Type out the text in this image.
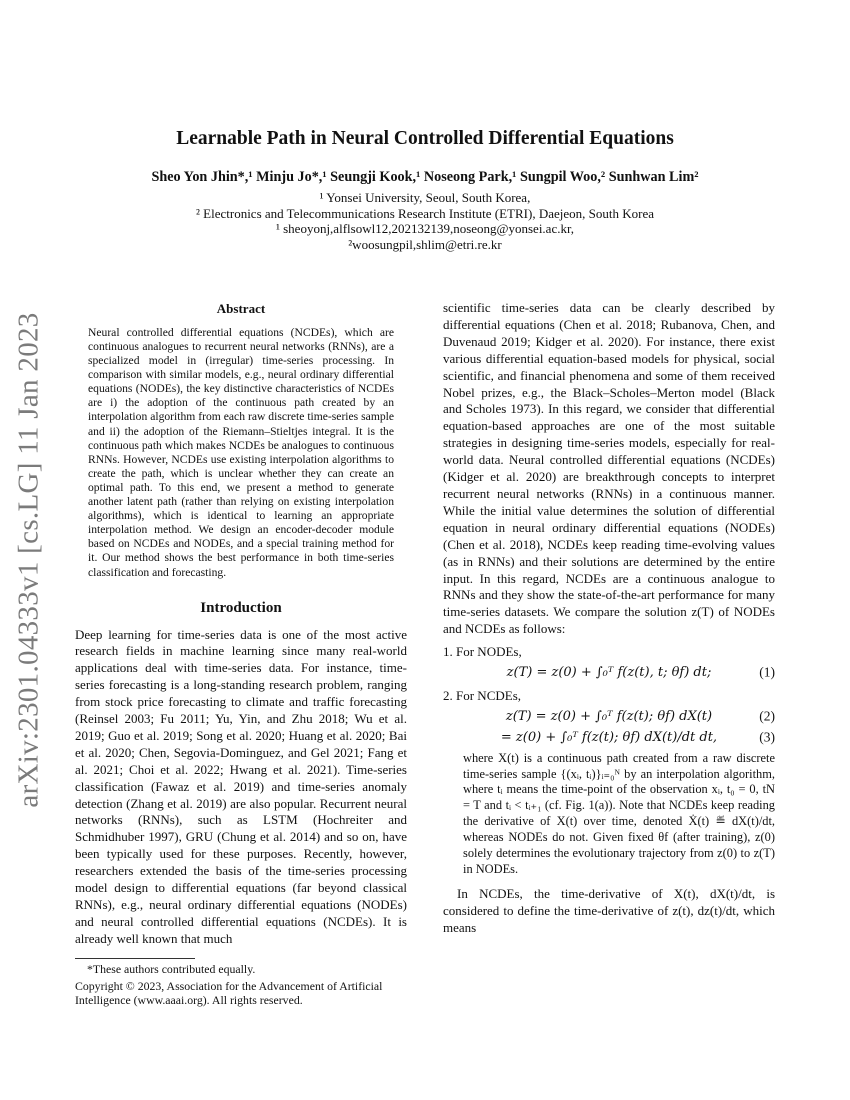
arXiv:2301.04333v1 [cs.LG] 11 Jan 2023
Learnable Path in Neural Controlled Differential Equations
Sheo Yon Jhin*,¹ Minju Jo*,¹ Seungji Kook,¹ Noseong Park,¹ Sungpil Woo,² Sunhwan Lim²
¹ Yonsei University, Seoul, South Korea,
² Electronics and Telecommunications Research Institute (ETRI), Daejeon, South Korea
¹ sheoyonj,alflsowl12,202132139,noseong@yonsei.ac.kr,
²woosungpil,shlim@etri.re.kr
Abstract
Neural controlled differential equations (NCDEs), which are continuous analogues to recurrent neural networks (RNNs), are a specialized model in (irregular) time-series processing. In comparison with similar models, e.g., neural ordinary differential equations (NODEs), the key distinctive characteristics of NCDEs are i) the adoption of the continuous path created by an interpolation algorithm from each raw discrete time-series sample and ii) the adoption of the Riemann–Stieltjes integral. It is the continuous path which makes NCDEs be analogues to continuous RNNs. However, NCDEs use existing interpolation algorithms to create the path, which is unclear whether they can create an optimal path. To this end, we present a method to generate another latent path (rather than relying on existing interpolation algorithms), which is identical to learning an appropriate interpolation method. We design an encoder-decoder module based on NCDEs and NODEs, and a special training method for it. Our method shows the best performance in both time-series classification and forecasting.
Introduction
Deep learning for time-series data is one of the most active research fields in machine learning since many real-world applications deal with time-series data. For instance, time-series forecasting is a long-standing research problem, ranging from stock price forecasting to climate and traffic forecasting (Reinsel 2003; Fu 2011; Yu, Yin, and Zhu 2018; Wu et al. 2019; Guo et al. 2019; Song et al. 2020; Huang et al. 2020; Bai et al. 2020; Chen, Segovia-Dominguez, and Gel 2021; Fang et al. 2021; Choi et al. 2022; Hwang et al. 2021). Time-series classification (Fawaz et al. 2019) and time-series anomaly detection (Zhang et al. 2019) are also popular. Recurrent neural networks (RNNs), such as LSTM (Hochreiter and Schmidhuber 1997), GRU (Chung et al. 2014) and so on, have been typically used for these purposes. Recently, however, researchers extended the basis of the time-series processing model design to differential equations (far beyond classical RNNs), e.g., neural ordinary differential equations (NODEs) and neural controlled differential equations (NCDEs). It is already well known that much
*These authors contributed equally.
Copyright © 2023, Association for the Advancement of Artificial Intelligence (www.aaai.org). All rights reserved.
scientific time-series data can be clearly described by differential equations (Chen et al. 2018; Rubanova, Chen, and Duvenaud 2019; Kidger et al. 2020). For instance, there exist various differential equation-based models for physical, social scientific, and financial phenomena and some of them received Nobel prizes, e.g., the Black–Scholes–Merton model (Black and Scholes 1973). In this regard, we consider that differential equation-based approaches are one of the most suitable strategies in designing time-series models, especially for real-world data. Neural controlled differential equations (NCDEs) (Kidger et al. 2020) are breakthrough concepts to interpret recurrent neural networks (RNNs) in a continuous manner. While the initial value determines the solution of differential equation in neural ordinary differential equations (NODEs) (Chen et al. 2018), NCDEs keep reading time-evolving values (as in RNNs) and their solutions are determined by the entire input. In this regard, NCDEs are a continuous analogue to RNNs and they show the state-of-the-art performance for many time-series datasets. We compare the solution z(T) of NODEs and NCDEs as follows:
1. For NODEs,
z(T) = z(0) + ∫₀ᵀ f(z(t), t; θf) dt;	(1)
2. For NCDEs,
z(T) = z(0) + ∫₀ᵀ f(z(t); θf) dX(t)	(2)
= z(0) + ∫₀ᵀ f(z(t); θf) dX(t)/dt dt,	(3)
where X(t) is a continuous path created from a raw discrete time-series sample {(xᵢ, tᵢ)}ᵢ₌₀ᴺ by an interpolation algorithm, where tᵢ means the time-point of the observation xᵢ, t₀ = 0, tN = T and tᵢ < tᵢ₊₁ (cf. Fig. 1(a)). Note that NCDEs keep reading the derivative of X(t) over time, denoted Ẋ(t) ≝ dX(t)/dt, whereas NODEs do not. Given fixed θf (after training), z(0) solely determines the evolutionary trajectory from z(0) to z(T) in NODEs.
In NCDEs, the time-derivative of X(t), dX(t)/dt, is considered to define the time-derivative of z(t), dz(t)/dt, which means
